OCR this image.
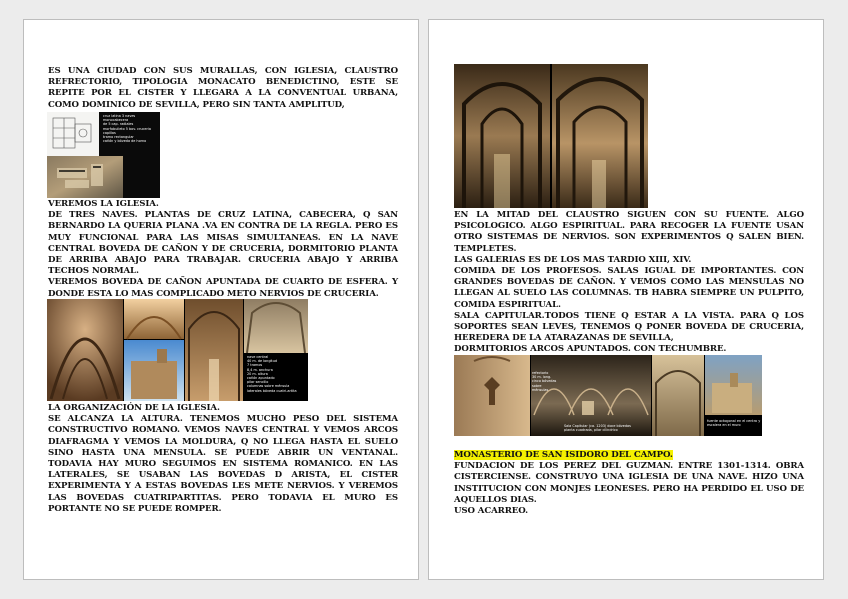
ES UNA CIUDAD CON SUS MURALLAS, CON IGLESIA, CLAUSTRO REFRECTORIO, TIPOLOGIA MONACATO BENEDICTINO, ESTE SE REPITE POR EL CISTER Y LLEGARA A LA CONVENTUAL URBANA, COMO DOMINICO DE SEVILLA, PERO SIN TANTA AMPLITUD,

cruz latina 3 naves
monocabecera
de 5 cap. radiales
morfobuileto 5 bov. cruceria
capillas
tramo rectangular
cañón y bóveda de horno

VEREMOS LA IGLESIA.

DE TRES NAVES. PLANTAS DE CRUZ LATINA, CABECERA, Q SAN BERNARDO LA QUERIA PLANA .VA EN CONTRA DE LA REGLA. PERO ES MUY FUNCIONAL PARA LAS MISAS SIMULTANEAS. EN LA NAVE CENTRAL BOVEDA DE CAÑON Y DE CRUCERIA, DORMITORIO PLANTA DE ARRIBA ABAJO PARA TRABAJAR. CRUCERIA ABAJO Y ARRIBA TECHOS NORMAL.

VEREMOS BOVEDA DE CAÑON APUNTADA DE CUARTO DE ESFERA. Y DONDE ESTA LO MAS COMPLICADO METO NERVIOS DE CRUCERIA.

nave central
40 m. de longitud
7 tramos
8,4 m. anchura
20 m. altura
cañón apuntado
pilar sencillo
columnas sobre ménsula
laterales bóveda cuatri-artita

LA ORGANIZACIÓN DE LA IGLESIA.

SE ALCANZA LA ALTURA. TENEMOS MUCHO PESO DEL SISTEMA CONSTRUCTIVO ROMANO. VEMOS NAVES CENTRAL Y VEMOS ARCOS DIAFRAGMA Y VEMOS LA MOLDURA, Q NO LLEGA HASTA EL SUELO SINO HASTA UNA MENSULA. SE PUEDE ABRIR UN VENTANAL. TODAVIA HAY MURO SEGUIMOS EN SISTEMA ROMANICO. EN LAS LATERALES, SE USABAN LAS BOVEDAS D ARISTA, EL CISTER EXPERIMENTA Y A ESTAS BOVEDAS LES METE NERVIOS. Y VEREMOS LAS BOVEDAS CUATRIPARTITAS. PERO TODAVIA EL MURO ES PORTANTE NO SE PUEDE ROMPER.

EN LA MITAD DEL CLAUSTRO SIGUEN CON SU FUENTE. ALGO PSICOLOGICO. ALGO ESPIRITUAL. PARA RECOGER LA FUENTE USAN OTRO SISTEMAS DE NERVIOS. SON EXPERIMENTOS Q SALEN BIEN. TEMPLETES.

LAS GALERIAS ES DE LOS MAS TARDIO XIII, XIV.

COMIDA DE LOS PROFESOS. SALAS IGUAL DE IMPORTANTES. CON GRANDES BOVEDAS DE CAÑON. Y VEMOS COMO LAS MENSULAS NO LLEGAN AL SUELO LAS COLUMNAS. TB HABRA SIEMPRE UN PULPITO, COMIDA ESPIRITUAL.

SALA CAPITULAR.TODOS TIENE Q ESTAR A LA VISTA. PARA Q LOS SOPORTES SEAN LEVES, TENEMOS Q PONER BOVEDA DE CRUCERIA, HEREDERA DE LA ATARAZANAS DE SEVILLA,

DORMITORIOS ARCOS APUNTADOS. CON TECHUMBRE.

refectorio
30 m. long.
cinco bóvedas
sobre
ménsulas
Sala Capitular (ca. 1203) doce bóvedas
planta cuadrada, pilar cilíndrico
fuente octogonal en el centro y
escalera en el muro

MONASTERIO DE SAN ISIDORO DEL CAMPO.

FUNDACION DE LOS PEREZ DEL GUZMAN. ENTRE 1301-1314. OBRA CISTERCIENSE. CONSTRUYO UNA IGLESIA DE UNA NAVE. HIZO UNA INSTITUCION CON MONJES LEONESES. PERO HA PERDIDO EL USO DE AQUELLOS DIAS.

USO ACARREO.
